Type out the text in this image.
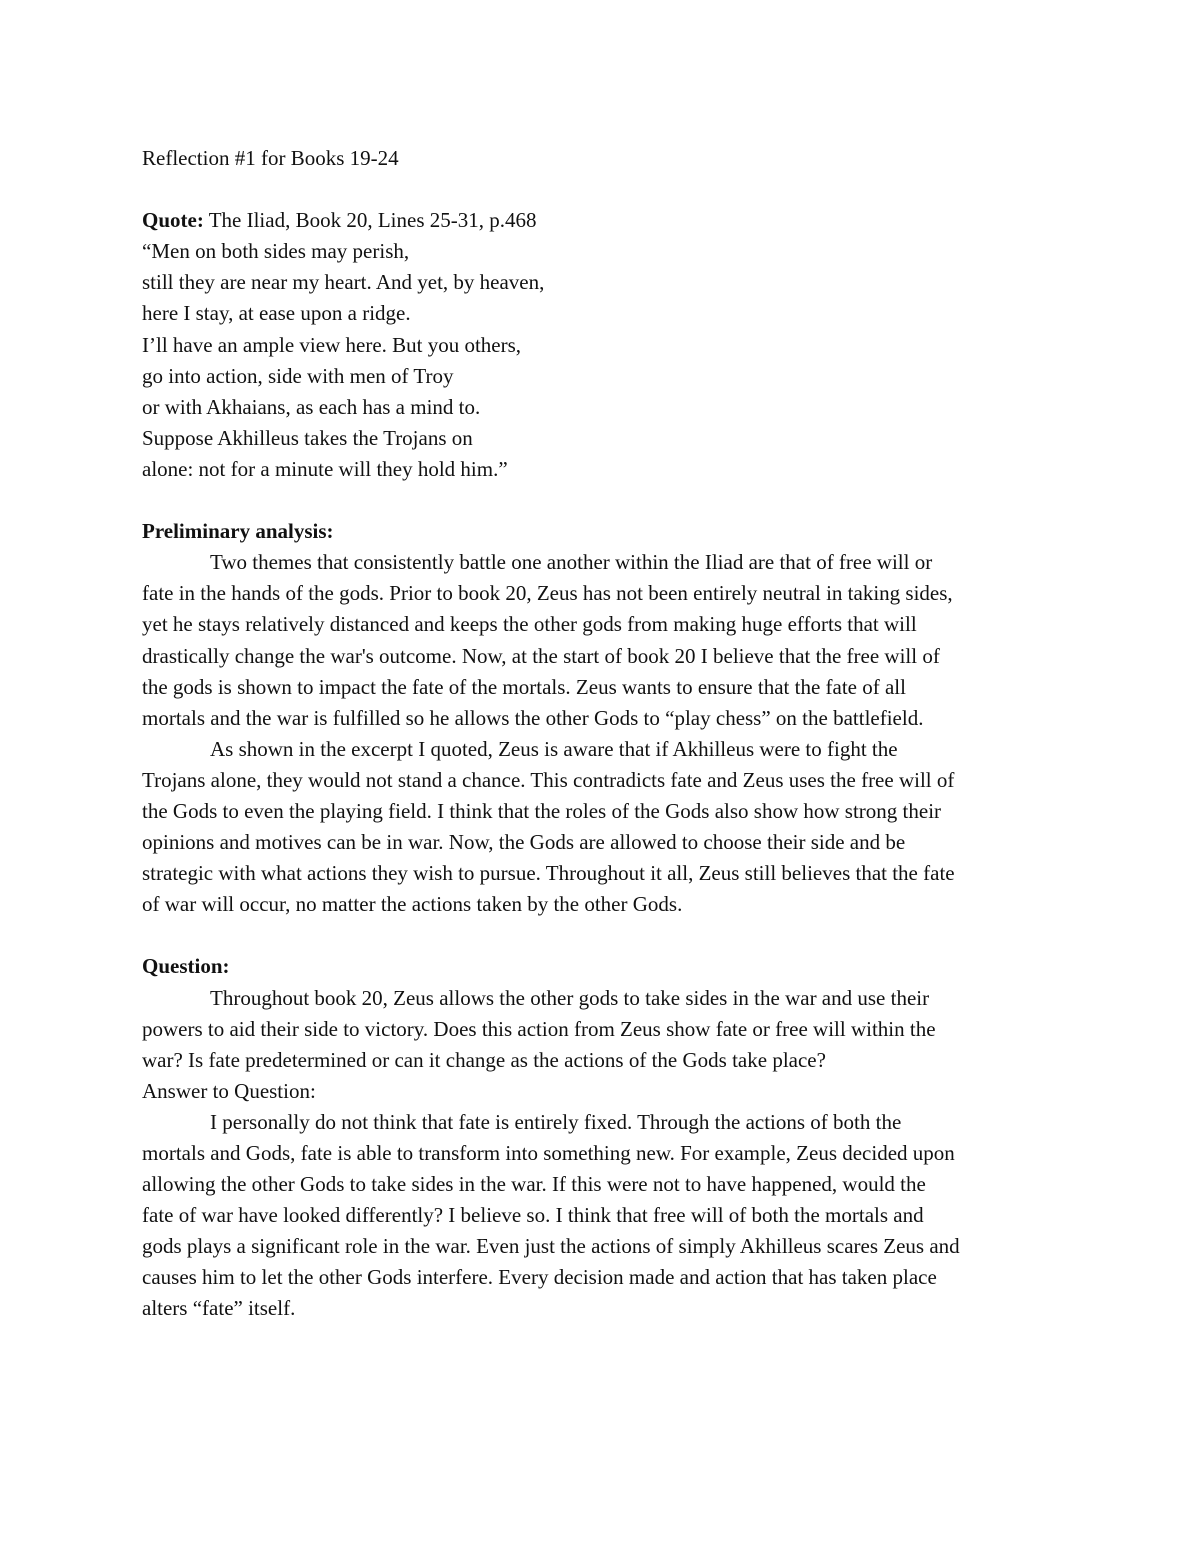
Reflection #1 for Books 19-24
Quote: The Iliad, Book 20, Lines 25-31, p.468
“Men on both sides may perish,
still they are near my heart. And yet, by heaven,
here I stay, at ease upon a ridge.
I’ll have an ample view here. But you others,
go into action, side with men of Troy
or with Akhaians, as each has a mind to.
Suppose Akhilleus takes the Trojans on
alone: not for a minute will they hold him.”
Preliminary analysis:
Two themes that consistently battle one another within the Iliad are that of free will or
fate in the hands of the gods. Prior to book 20, Zeus has not been entirely neutral in taking sides,
yet he stays relatively distanced and keeps the other gods from making huge efforts that will
drastically change the war's outcome. Now, at the start of book 20 I believe that the free will of
the gods is shown to impact the fate of the mortals. Zeus wants to ensure that the fate of all
mortals and the war is fulfilled so he allows the other Gods to “play chess” on the battlefield.
As shown in the excerpt I quoted, Zeus is aware that if Akhilleus were to fight the
Trojans alone, they would not stand a chance. This contradicts fate and Zeus uses the free will of
the Gods to even the playing field. I think that the roles of the Gods also show how strong their
opinions and motives can be in war. Now, the Gods are allowed to choose their side and be
strategic with what actions they wish to pursue. Throughout it all, Zeus still believes that the fate
of war will occur, no matter the actions taken by the other Gods.
Question:
Throughout book 20, Zeus allows the other gods to take sides in the war and use their
powers to aid their side to victory. Does this action from Zeus show fate or free will within the
war? Is fate predetermined or can it change as the actions of the Gods take place?
Answer to Question:
I personally do not think that fate is entirely fixed. Through the actions of both the
mortals and Gods, fate is able to transform into something new. For example, Zeus decided upon
allowing the other Gods to take sides in the war. If this were not to have happened, would the
fate of war have looked differently? I believe so. I think that free will of both the mortals and
gods plays a significant role in the war. Even just the actions of simply Akhilleus scares Zeus and
causes him to let the other Gods interfere. Every decision made and action that has taken place
alters “fate” itself.
